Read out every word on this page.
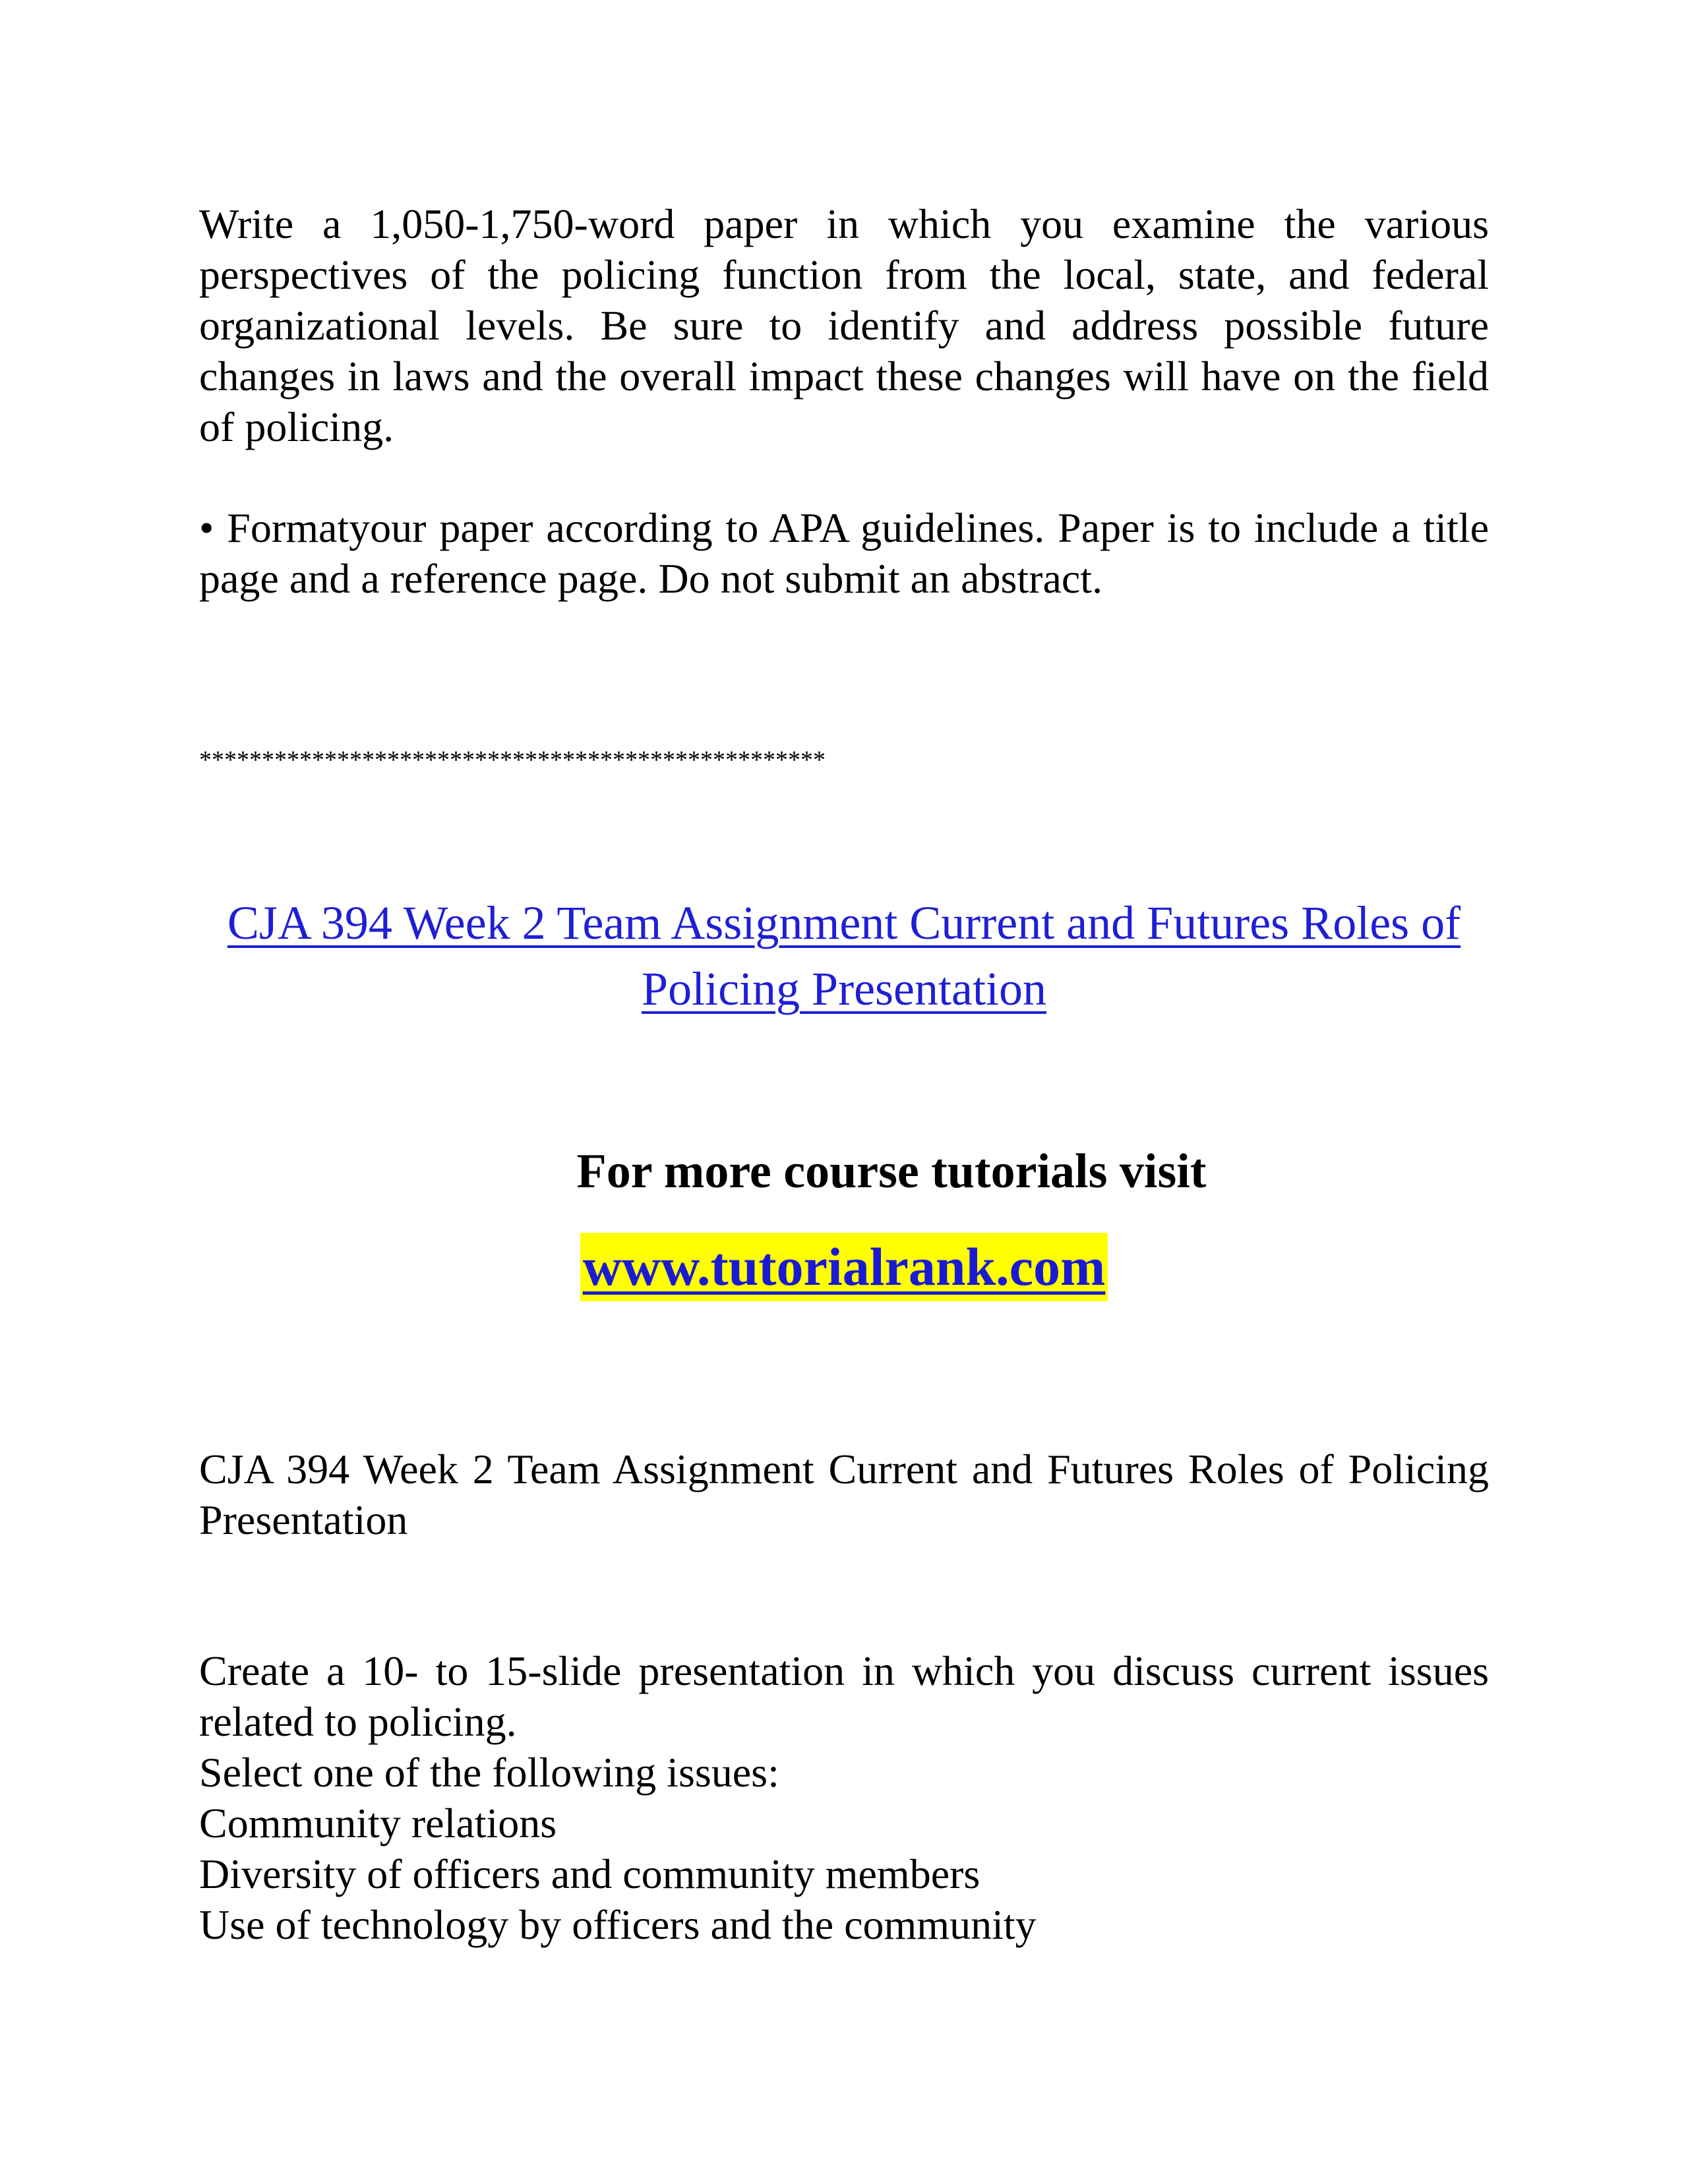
Write a 1,050-1,750-word paper in which you examine the various perspectives of the policing function from the local, state, and federal organizational levels. Be sure to identify and address possible future changes in laws and the overall impact these changes will have on the field of policing.
• Formatyour paper according to APA guidelines. Paper is to include a title page and a reference page. Do not submit an abstract.
**************************************************
CJA 394 Week 2 Team Assignment Current and Futures Roles of Policing Presentation
For more course tutorials visit
www.tutorialrank.com
CJA 394 Week 2 Team Assignment Current and Futures Roles of Policing Presentation
Create a 10- to 15-slide presentation in which you discuss current issues related to policing.
Select one of the following issues:
Community relations
Diversity of officers and community members
Use of technology by officers and the community
